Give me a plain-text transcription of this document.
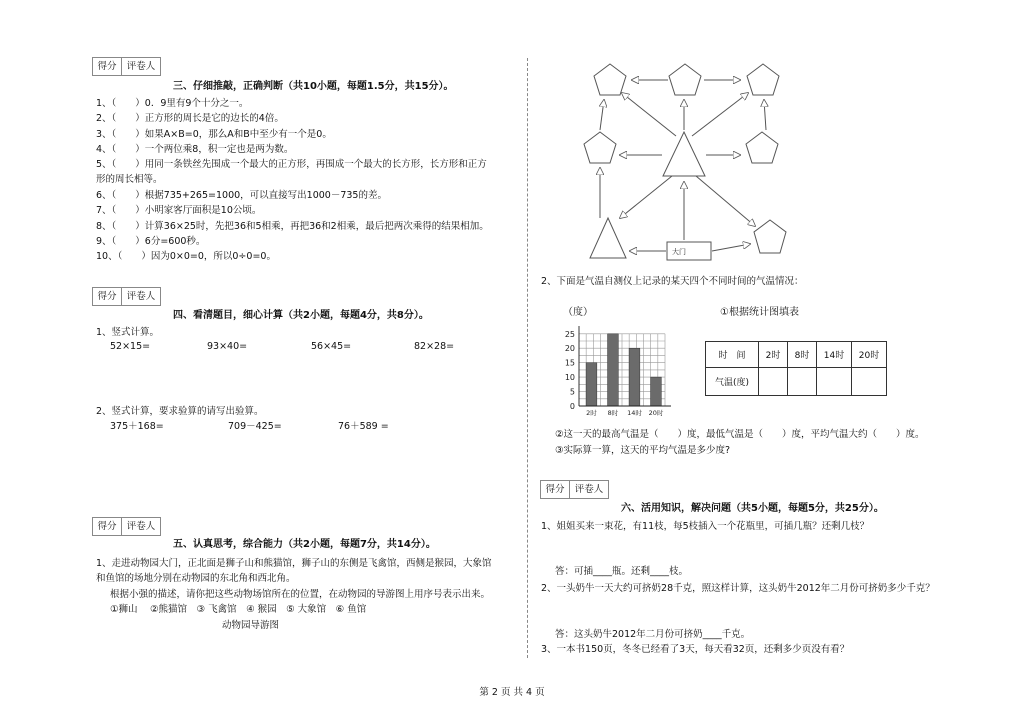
得分	评卷人
三、仔细推敲，正确判断（共10小题，每题1.5分，共15分）。
1、（　　）0．9里有9个十分之一。
2、（　　）正方形的周长是它的边长的4倍。
3、（　　）如果A×B=0，那么A和B中至少有一个是0。
4、（　　）一个两位乘8，积一定也是两为数。
5、（　　）用同一条铁丝先围成一个最大的正方形，再围成一个最大的长方形，长方形和正方
形的周长相等。
6、（　　）根据735+265=1000，可以直接写出1000－735的差。
7、（　　）小明家客厅面积是10公顷。
8、（　　）计算36×25时，先把36和5相乘，再把36和2相乘，最后把两次乘得的结果相加。
9、（　　）6分=600秒。
10、（　　）因为0×0=0，所以0÷0=0。
得分	评卷人
四、看清题目，细心计算（共2小题，每题4分，共8分）。
1、竖式计算。
52×15=	93×40=	56×45=	82×28=
2、竖式计算，要求验算的请写出验算。
375＋168=	709－425=	76＋589 =
得分	评卷人
五、认真思考，综合能力（共2小题，每题7分，共14分）。
1、走进动物园大门，正北面是狮子山和熊猫馆，狮子山的东侧是飞禽馆，西侧是猴园，大象馆
和鱼馆的场地分别在动物园的东北角和西北角。
根据小强的描述，请你把这些动物场馆所在的位置，在动物园的导游图上用序号表示出来。
①狮山　 ②熊猫馆　③ 飞禽馆　④ 猴园　⑤ 大象馆　⑥ 鱼馆
动物园导游图
大门
2、下面是气温自测仪上记录的某天四个不同时间的气温情况：
（度）	①根据统计图填表
0
5
10
15
20
25
2时 8时 14时 20时
时　间	2时	8时	14时	20时
气温(度)				
②这一天的最高气温是（　　）度，最低气温是（　　）度，平均气温大约（　　）度。
③实际算一算，这天的平均气温是多少度?
得分	评卷人
六、活用知识，解决问题（共5小题，每题5分，共25分）。
1、姐姐买来一束花，有11枝，每5枝插入一个花瓶里，可插几瓶？还剩几枝？
答：可插____瓶。还剩____枝。
2、一头奶牛一天大约可挤奶28千克，照这样计算，这头奶牛2012年二月份可挤奶多少千克？
答：这头奶牛2012年二月份可挤奶____千克。
3、一本书150页，冬冬已经看了3天，每天看32页，还剩多少页没有看？
第 2 页 共 4 页
